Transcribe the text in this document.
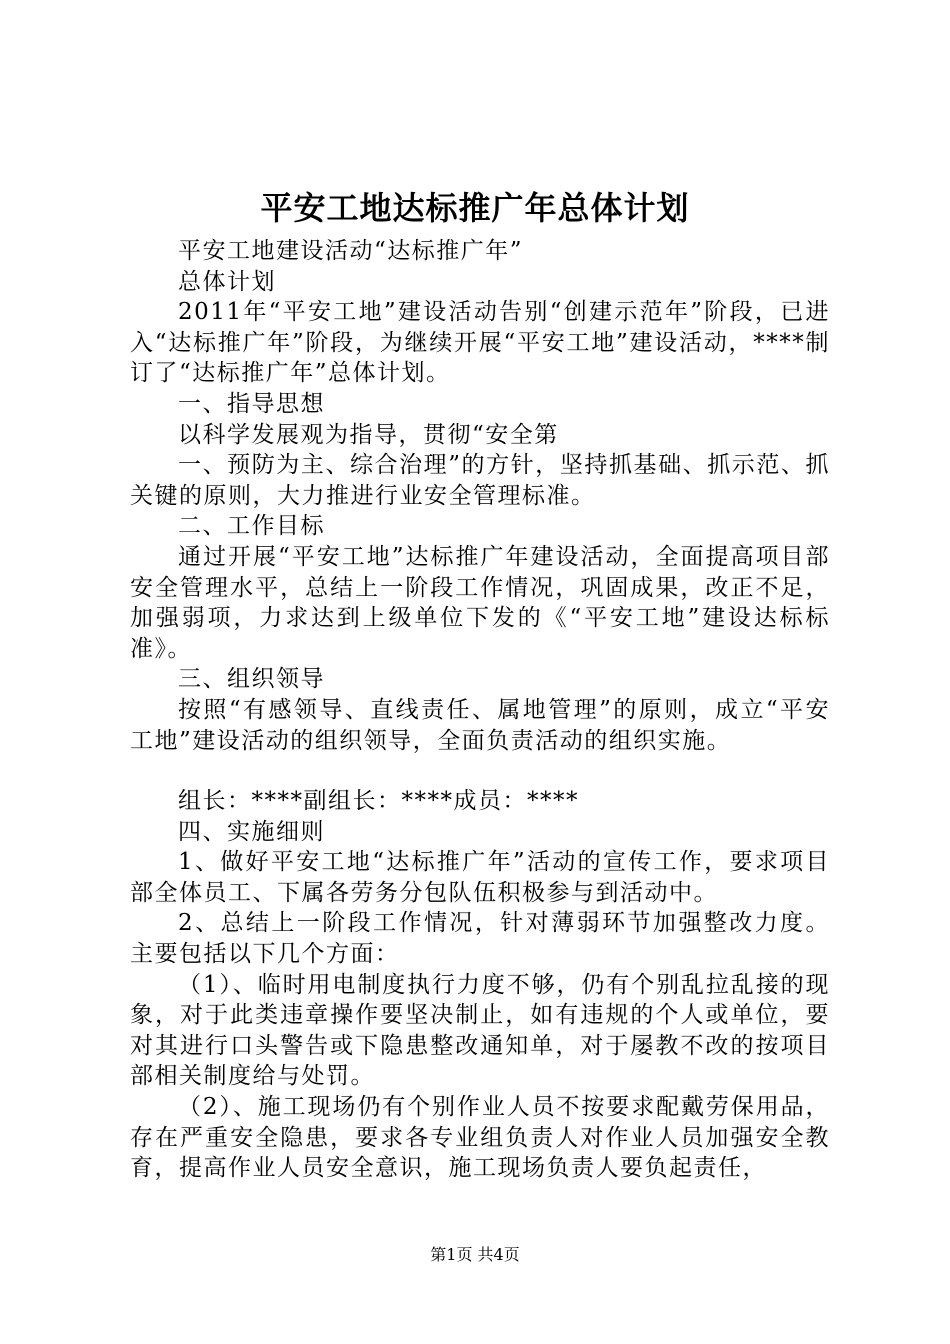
平安工地达标推广年总体计划

平安工地建设活动“达标推广年”

总体计划

2011年“平安工地”建设活动告别“创建示范年”阶段，已进入“达标推广年”阶段，为继续开展“平安工地”建设活动，****制订了“达标推广年”总体计划。

一、指导思想

以科学发展观为指导，贯彻“安全第

一、预防为主、综合治理”的方针，坚持抓基础、抓示范、抓关键的原则，大力推进行业安全管理标准。

二、工作目标

通过开展“平安工地”达标推广年建设活动，全面提高项目部安全管理水平，总结上一阶段工作情况，巩固成果，改正不足，加强弱项，力求达到上级单位下发的《“平安工地”建设达标标准》。

三、组织领导

按照“有感领导、直线责任、属地管理”的原则，成立“平安工地”建设活动的组织领导，全面负责活动的组织实施。

组长：****副组长：****成员：****

四、实施细则

1、做好平安工地“达标推广年”活动的宣传工作，要求项目部全体员工、下属各劳务分包队伍积极参与到活动中。

2、总结上一阶段工作情况，针对薄弱环节加强整改力度。主要包括以下几个方面：

（1）、临时用电制度执行力度不够，仍有个别乱拉乱接的现象，对于此类违章操作要坚决制止，如有违规的个人或单位，要对其进行口头警告或下隐患整改通知单，对于屡教不改的按项目部相关制度给与处罚。

（2）、施工现场仍有个别作业人员不按要求配戴劳保用品，存在严重安全隐患，要求各专业组负责人对作业人员加强安全教育，提高作业人员安全意识，施工现场负责人要负起责任，

第1页 共4页
